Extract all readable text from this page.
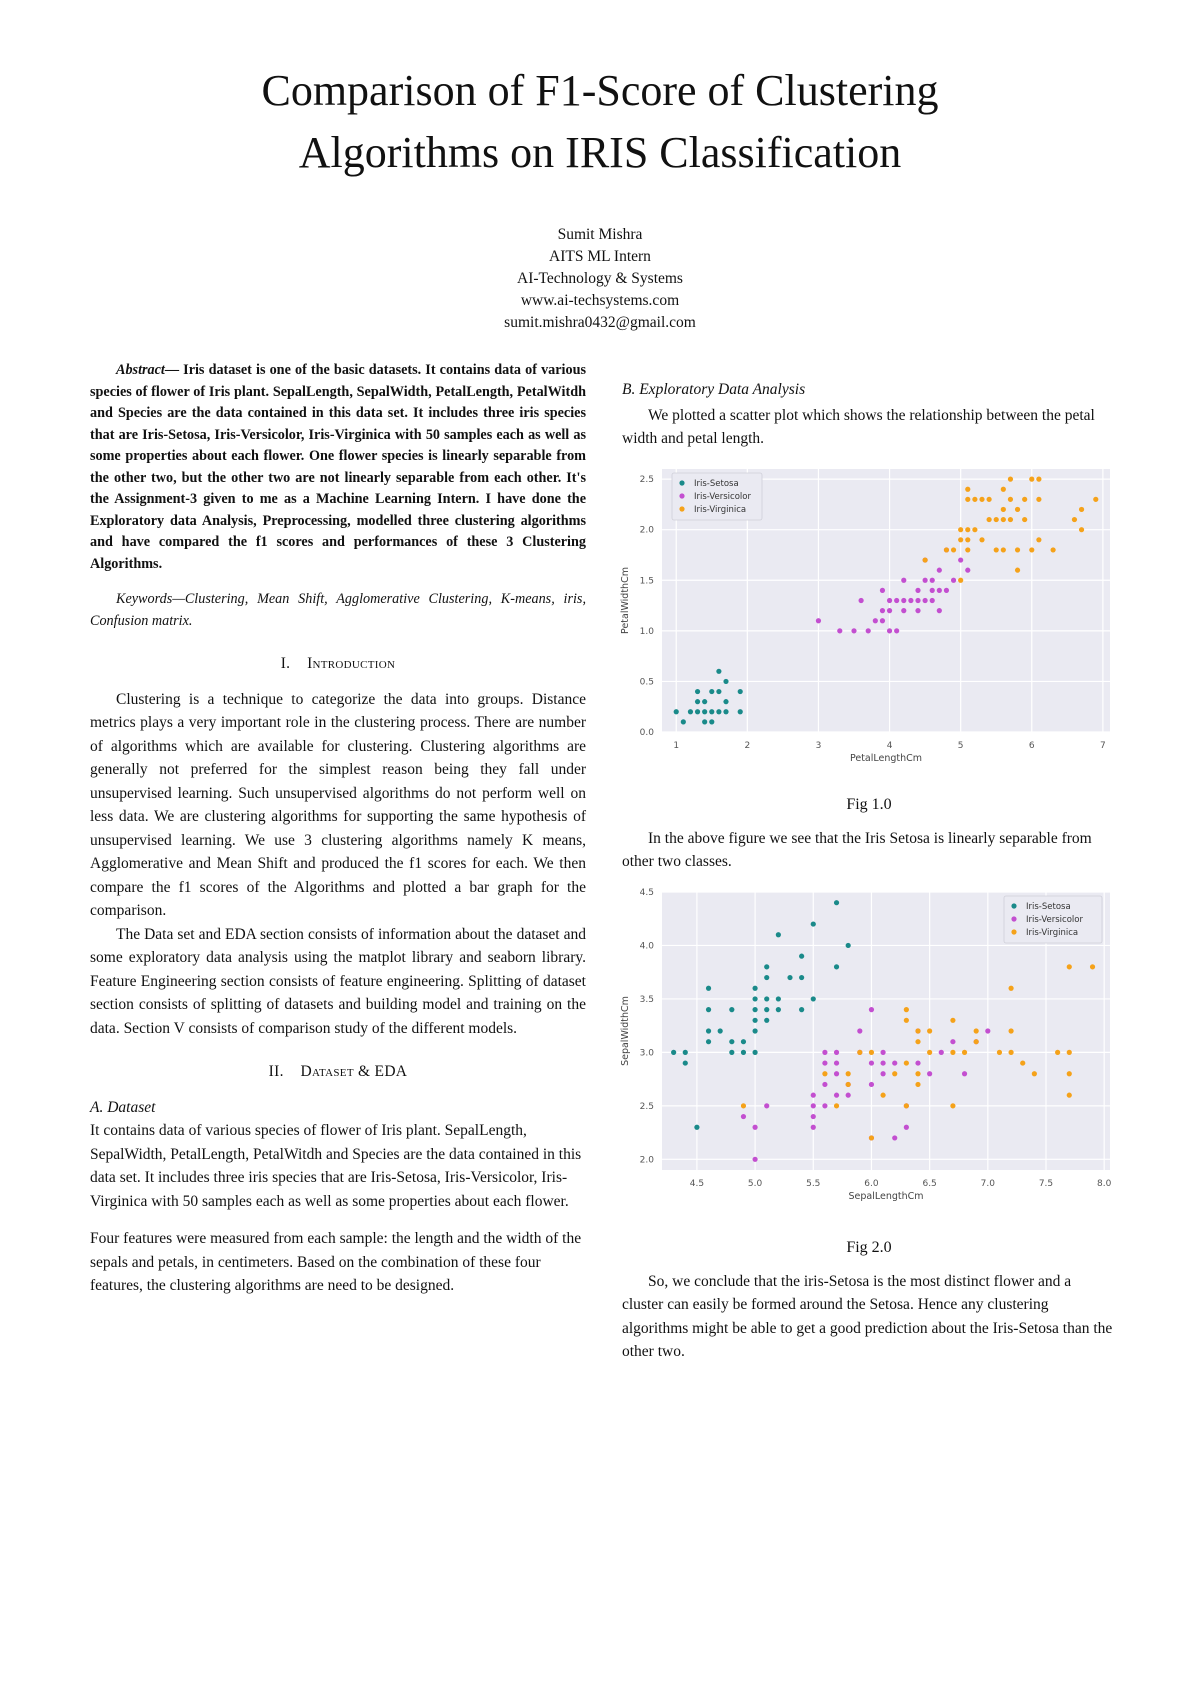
Comparison of F1-Score of Clustering
Algorithms on IRIS Classification
Sumit Mishra
AITS ML Intern
AI-Technology & Systems
www.ai-techsystems.com
sumit.mishra0432@gmail.com

Abstract— Iris dataset is one of the basic datasets. It contains data of various species of flower of Iris plant. SepalLength, SepalWidth, PetalLength, PetalWitdh and Species are the data contained in this data set. It includes three iris species that are Iris-Setosa, Iris-Versicolor, Iris-Virginica with 50 samples each as well as some properties about each flower. One flower species is linearly separable from the other two, but the other two are not linearly separable from each other. It's the Assignment-3 given to me as a Machine Learning Intern. I have done the Exploratory data Analysis, Preprocessing, modelled three clustering algorithms and have compared the f1 scores and performances of these 3 Clustering Algorithms.

Keywords—Clustering, Mean Shift, Agglomerative Clustering, K-means, iris, Confusion matrix.

I. Introduction

Clustering is a technique to categorize the data into groups. Distance metrics plays a very important role in the clustering process. There are number of algorithms which are available for clustering. Clustering algorithms are generally not preferred for the simplest reason being they fall under unsupervised learning. Such unsupervised algorithms do not perform well on less data. We are clustering algorithms for supporting the same hypothesis of unsupervised learning. We use 3 clustering algorithms namely K means, Agglomerative and Mean Shift and produced the f1 scores for each. We then compare the f1 scores of the Algorithms and plotted a bar graph for the comparison.

The Data set and EDA section consists of information about the dataset and some exploratory data analysis using the matplot library and seaborn library. Feature Engineering section consists of feature engineering. Splitting of dataset section consists of splitting of datasets and building model and training on the data. Section V consists of comparison study of the different models.

II. Dataset & EDA

A. Dataset

It contains data of various species of flower of Iris plant. SepalLength, SepalWidth, PetalLength, PetalWitdh and Species are the data contained in this data set. It includes three iris species that are Iris-Setosa, Iris-Versicolor, Iris-Virginica with 50 samples each as well as some properties about each flower.

Four features were measured from each sample: the length and the width of the sepals and petals, in centimeters. Based on the combination of these four features, the clustering algorithms are need to be designed.

B. Exploratory Data Analysis

We plotted a scatter plot which shows the relationship between the petal width and petal length.

1	2	3	4	5	6	7
0.0
0.5
1.0
1.5
2.0
2.5
PetalLengthCm
PetalWidthCm
Iris-Setosa
Iris-Versicolor
Iris-Virginica
Fig 1.0

In the above figure we see that the Iris Setosa is linearly separable from other two classes.

4.5	5.0	5.5	6.0	6.5	7.0	7.5	8.0
2.0
2.5
3.0
3.5
4.0
4.5
SepalLengthCm
SepalWidthCm
Iris-Setosa
Iris-Versicolor
Iris-Virginica
Fig 2.0

So, we conclude that the iris-Setosa is the most distinct flower and a cluster can easily be formed around the Setosa. Hence any clustering algorithms might be able to get a good prediction about the Iris-Setosa than the other two.
